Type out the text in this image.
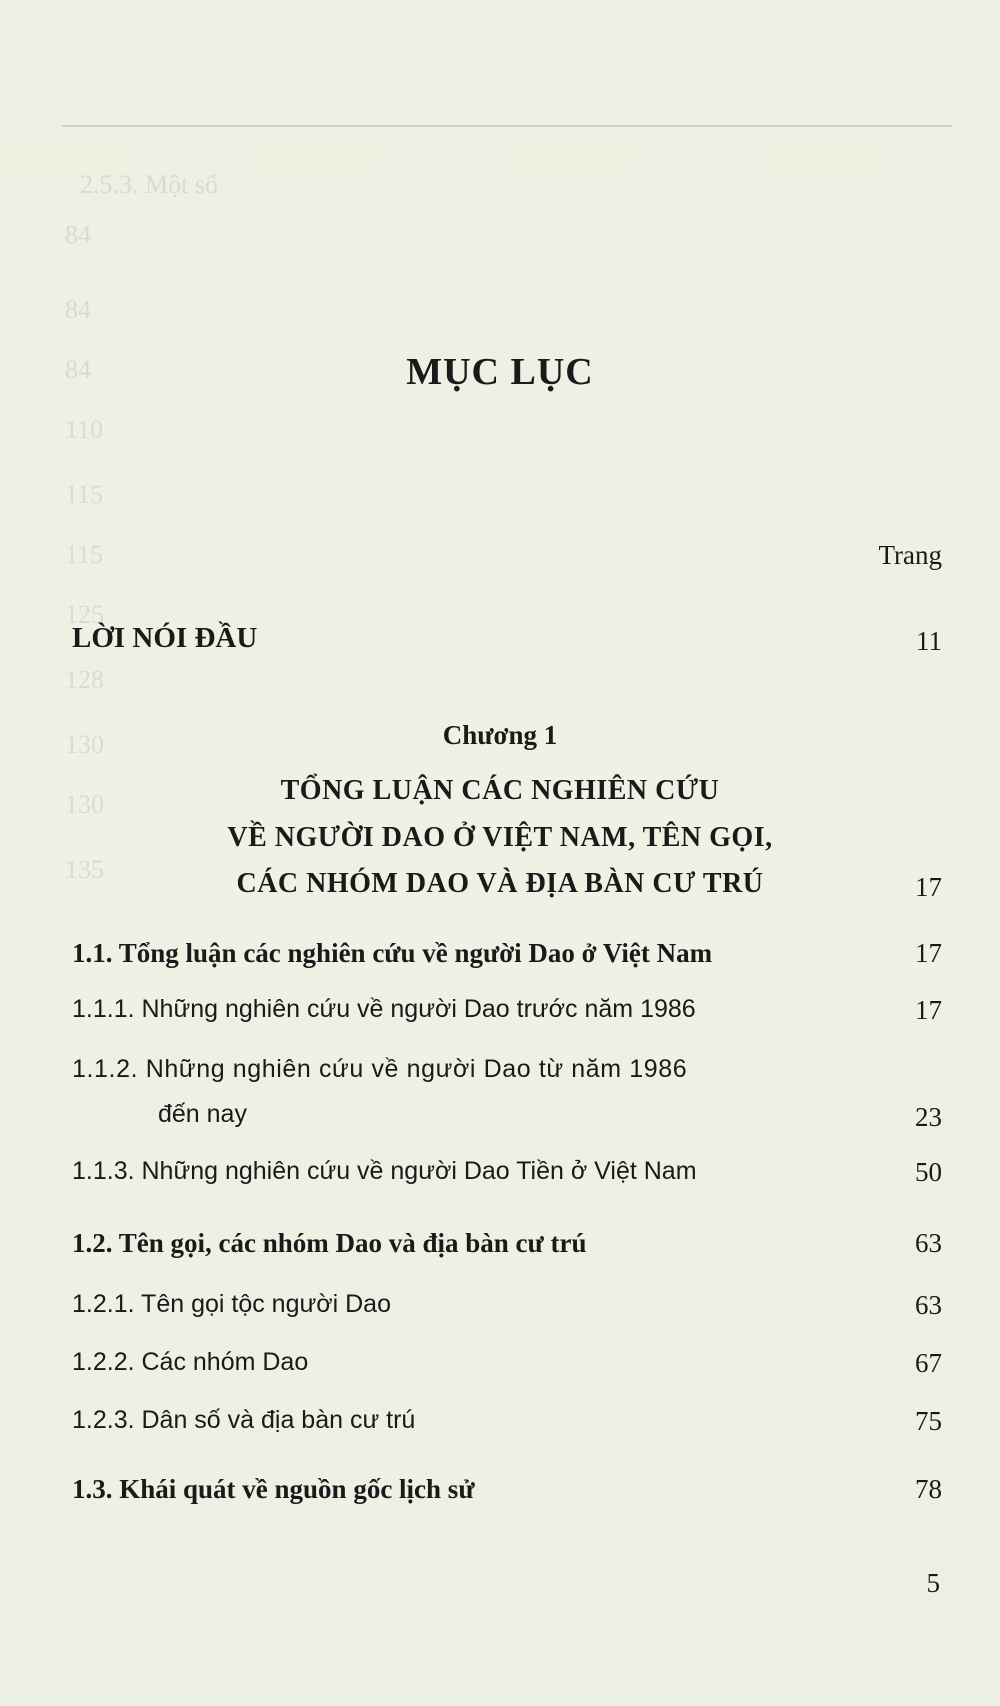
2.5.3. Một số
84
84
84
110
115
115
125
128
130
130
135
MỤC LỤC
Trang
LỜI NÓI ĐẦU	11
Chương 1
TỔNG LUẬN CÁC NGHIÊN CỨU
VỀ NGƯỜI DAO Ở VIỆT NAM, TÊN GỌI,
CÁC NHÓM DAO VÀ ĐỊA BÀN CƯ TRÚ	17
1.1. Tổng luận các nghiên cứu về người Dao ở Việt Nam	17
1.1.1. Những nghiên cứu về người Dao trước năm 1986	17
1.1.2. Những nghiên cứu về người Dao từ năm 1986
đến nay	23
1.1.3. Những nghiên cứu về người Dao Tiền ở Việt Nam	50
1.2. Tên gọi, các nhóm Dao và địa bàn cư trú	63
1.2.1. Tên gọi tộc người Dao	63
1.2.2. Các nhóm Dao	67
1.2.3. Dân số và địa bàn cư trú	75
1.3. Khái quát về nguồn gốc lịch sử	78
5
